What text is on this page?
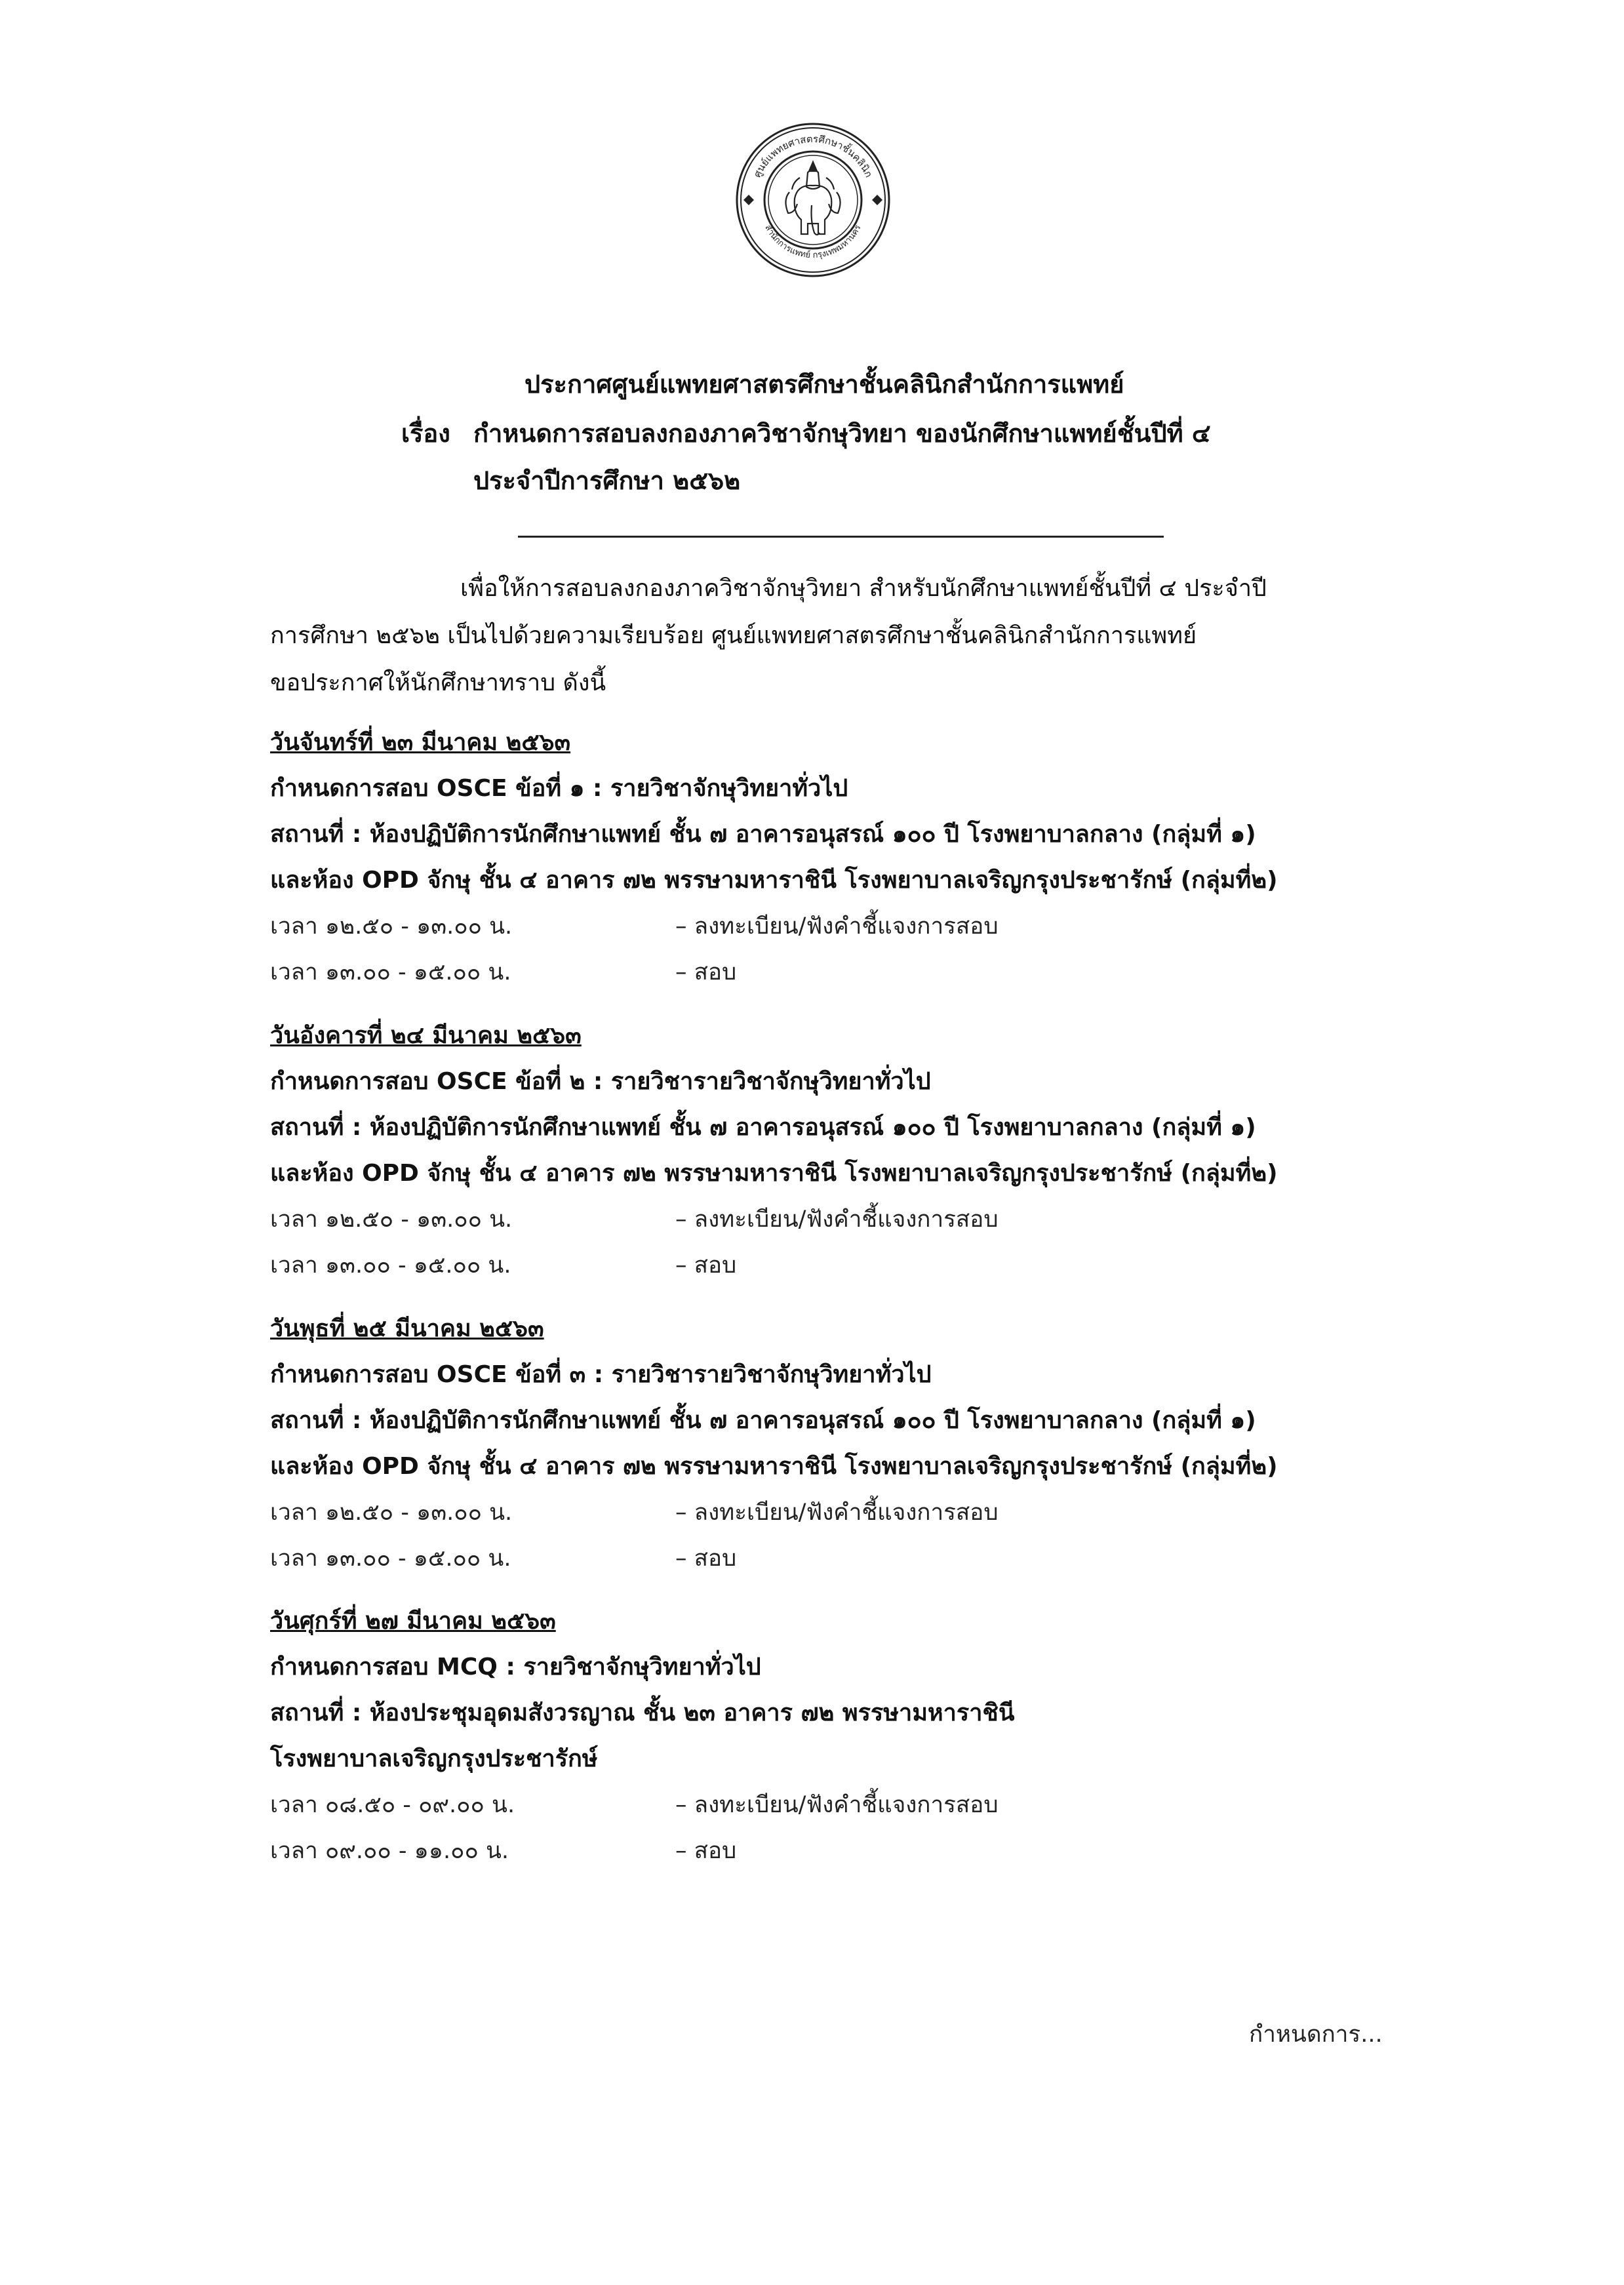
ศูนย์แพทยศาสตรศึกษาชั้นคลินิก
สำนักการแพทย์ กรุงเทพมหานคร
ประกาศศูนย์แพทยศาสตรศึกษาชั้นคลินิกสำนักการแพทย์
เรื่อง กำหนดการสอบลงกองภาควิชาจักษุวิทยา ของนักศึกษาแพทย์ชั้นปีที่ ๔
ประจำปีการศึกษา ๒๕๖๒
เพื่อให้การสอบลงกองภาควิชาจักษุวิทยา สำหรับนักศึกษาแพทย์ชั้นปีที่ ๔ ประจำปี
การศึกษา ๒๕๖๒ เป็นไปด้วยความเรียบร้อย ศูนย์แพทยศาสตรศึกษาชั้นคลินิกสำนักการแพทย์
ขอประกาศให้นักศึกษาทราบ ดังนี้
วันจันทร์ที่ ๒๓ มีนาคม ๒๕๖๓
กำหนดการสอบ OSCE ข้อที่ ๑ : รายวิชาจักษุวิทยาทั่วไป
สถานที่ : ห้องปฏิบัติการนักศึกษาแพทย์ ชั้น ๗ อาคารอนุสรณ์ ๑๐๐ ปี โรงพยาบาลกลาง (กลุ่มที่ ๑)
และห้อง OPD จักษุ ชั้น ๔ อาคาร ๗๒ พรรษามหาราชินี โรงพยาบาลเจริญกรุงประชารักษ์ (กลุ่มที่๒)
เวลา ๑๒.๕๐ - ๑๓.๐๐ น.	– ลงทะเบียน/ฟังคำชี้แจงการสอบ
เวลา ๑๓.๐๐ - ๑๕.๐๐ น.	– สอบ
วันอังคารที่ ๒๔ มีนาคม ๒๕๖๓
กำหนดการสอบ OSCE ข้อที่ ๒ : รายวิชารายวิชาจักษุวิทยาทั่วไป
สถานที่ : ห้องปฏิบัติการนักศึกษาแพทย์ ชั้น ๗ อาคารอนุสรณ์ ๑๐๐ ปี โรงพยาบาลกลาง (กลุ่มที่ ๑)
และห้อง OPD จักษุ ชั้น ๔ อาคาร ๗๒ พรรษามหาราชินี โรงพยาบาลเจริญกรุงประชารักษ์ (กลุ่มที่๒)
เวลา ๑๒.๕๐ - ๑๓.๐๐ น.	– ลงทะเบียน/ฟังคำชี้แจงการสอบ
เวลา ๑๓.๐๐ - ๑๕.๐๐ น.	– สอบ
วันพุธที่ ๒๕ มีนาคม ๒๕๖๓
กำหนดการสอบ OSCE ข้อที่ ๓ : รายวิชารายวิชาจักษุวิทยาทั่วไป
สถานที่ : ห้องปฏิบัติการนักศึกษาแพทย์ ชั้น ๗ อาคารอนุสรณ์ ๑๐๐ ปี โรงพยาบาลกลาง (กลุ่มที่ ๑)
และห้อง OPD จักษุ ชั้น ๔ อาคาร ๗๒ พรรษามหาราชินี โรงพยาบาลเจริญกรุงประชารักษ์ (กลุ่มที่๒)
เวลา ๑๒.๕๐ - ๑๓.๐๐ น.	– ลงทะเบียน/ฟังคำชี้แจงการสอบ
เวลา ๑๓.๐๐ - ๑๕.๐๐ น.	– สอบ
วันศุกร์ที่ ๒๗ มีนาคม ๒๕๖๓
กำหนดการสอบ MCQ : รายวิชาจักษุวิทยาทั่วไป
สถานที่ : ห้องประชุมอุดมสังวรญาณ ชั้น ๒๓ อาคาร ๗๒ พรรษามหาราชินี
โรงพยาบาลเจริญกรุงประชารักษ์
เวลา ๐๘.๕๐ - ๐๙.๐๐ น.	– ลงทะเบียน/ฟังคำชี้แจงการสอบ
เวลา ๐๙.๐๐ - ๑๑.๐๐ น.	– สอบ
กำหนดการ...
